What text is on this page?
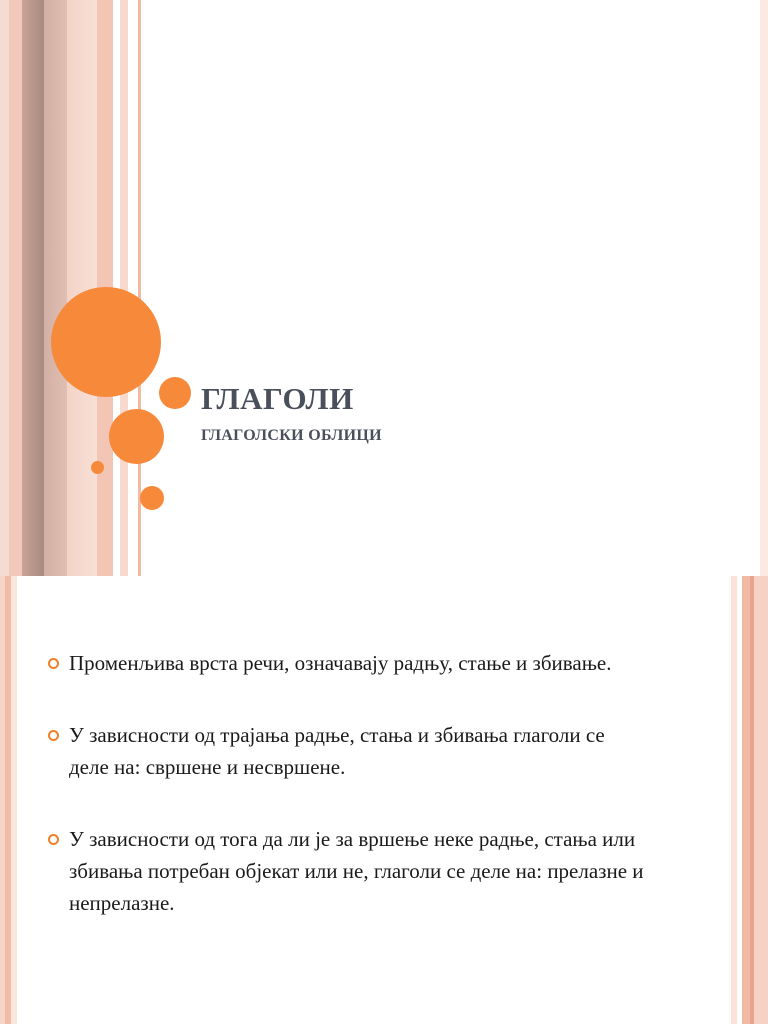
ГЛАГОЛИ
ГЛАГОЛСКИ ОБЛИЦИ
Променљива врста речи, означавају радњу, стање и збивање.
У зависности од трајања радње, стања и збивања глаголи се деле на: свршене и несвршене.
У зависности од тога да ли је за вршење неке радње, стања или збивања потребан објекат или не, глаголи се деле на: прелазне и непрелазне.
